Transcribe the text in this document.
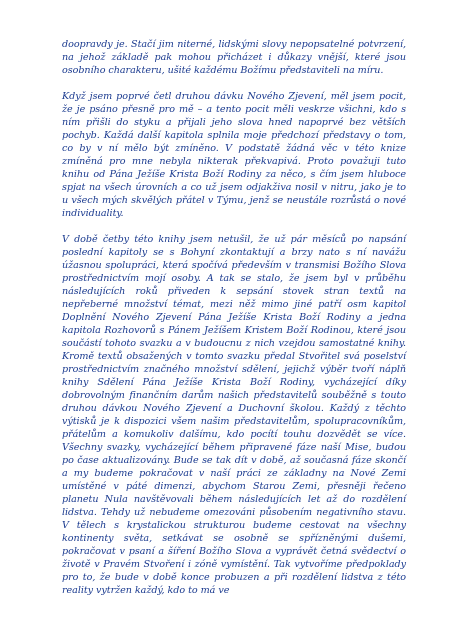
doopravdy je. Stačí jim niterné, lidskými slovy nepopsatelné potvrzení, na jehož základě pak mohou přicházet i důkazy vnější, které jsou osobního charakteru, ušité každému Božímu představiteli na míru.

Když jsem poprvé četl druhou dávku Nového Zjevení, měl jsem pocit, že je psáno přesně pro mě – a tento pocit měli veskrze všichni, kdo s ním přišli do styku a přijali jeho slova hned napoprvé bez větších pochyb. Každá další kapitola splnila moje předchozí představy o tom, co by v ní mělo být zmíněno. V podstatě žádná věc v této knize zmíněná pro mne nebyla nikterak překvapivá. Proto považuji tuto knihu od Pána Ježíše Krista Boží Rodiny za něco, s čím jsem hluboce spjat na všech úrovních a co už jsem odjakživa nosil v nitru, jako je to u všech mých skvělých přátel v Týmu, jenž se neustále rozrůstá o nové individuality.

V době četby této knihy jsem netušil, že už pár měsíců po napsání poslední kapitoly se s Bohyní zkontaktují a brzy nato s ní navážu úžasnou spolupráci, která spočívá především v transmisi Božího Slova prostřednictvím mojí osoby. A tak se stalo, že jsem byl v průběhu následujících roků přiveden k sepsání stovek stran textů na nepřeberné množství témat, mezi něž mimo jiné patří osm kapitol Doplnění Nového Zjevení Pána Ježíše Krista Boží Rodiny a jedna kapitola Rozhovorů s Pánem Ježíšem Kristem Boží Rodinou, které jsou součástí tohoto svazku a v budoucnu z nich vzejdou samostatné knihy. Kromě textů obsažených v tomto svazku předal Stvořitel svá poselství prostřednictvím značného množství sdělení, jejichž výběr tvoří náplň knihy Sdělení Pána Ježíše Krista Boží Rodiny, vycházející díky dobrovolným finančním darům našich představitelů souběžně s touto druhou dávkou Nového Zjevení a Duchovní školou. Každý z těchto výtisků je k dispozici všem našim představitelům, spolupracovníkům, přátelům a komukoliv dalšímu, kdo pocítí touhu dozvědět se více. Všechny svazky, vycházející během připravené fáze naší Mise, budou po čase aktualizovány. Bude se tak dít v době, až současná fáze skončí a my budeme pokračovat v naší práci ze základny na Nové Zemi umístěné v páté dimenzi, abychom Starou Zemi, přesněji řečeno planetu Nula navštěvovali během následujících let až do rozdělení lidstva. Tehdy už nebudeme omezováni působením negativního stavu. V tělech s krystalickou strukturou budeme cestovat na všechny kontinenty světa, setkávat se osobně se spřízněnými dušemi, pokračovat v psaní a šíření Božího Slova a vyprávět četná svědectví o životě v Pravém Stvoření i zóně vymístění. Tak vytvoříme předpoklady pro to, že bude v době konce probuzen a při rozdělení lidstva z této reality vytržen každý, kdo to má ve
